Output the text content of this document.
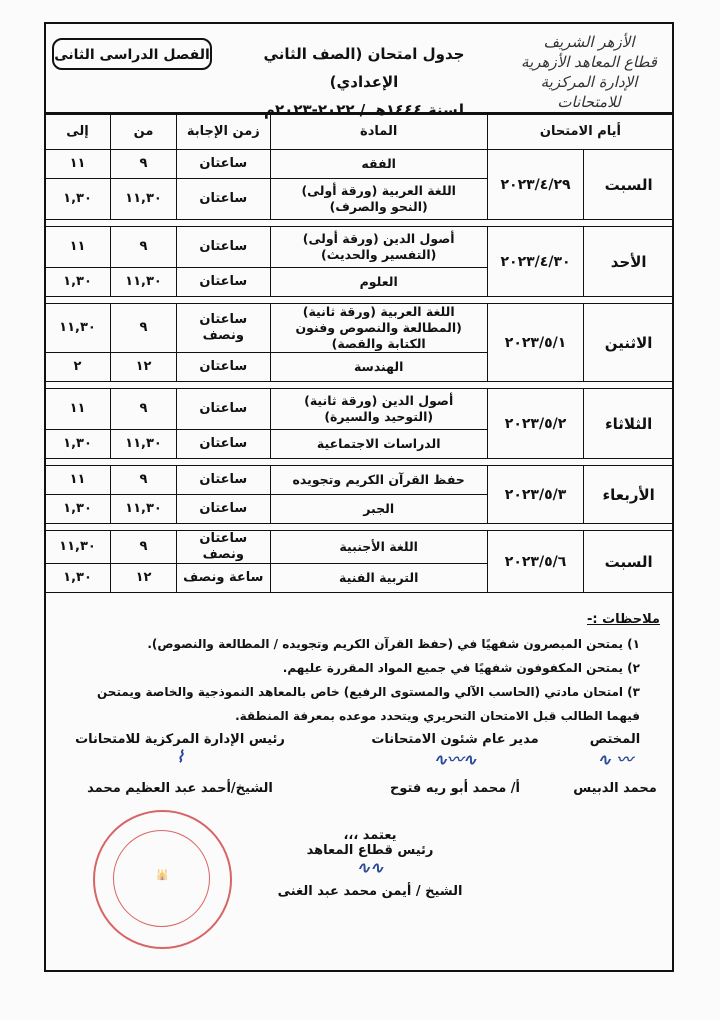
الأزهر الشريف
قطاع المعاهد الأزهرية
الإدارة المركزية للامتحانات
جدول امتحان (الصف الثاني الإعدادي)
لسنة ١٤٤٤هـ / ٢٠٢٢-٢٠٢٣م
الفصل الدراسى الثانى
أيام الامتحان		المادة	زمن الإجابة	من	إلى
السبت	٢٠٢٣/٤/٢٩	الفقه	ساعتان	٩	١١
		اللغة العربية (ورقة أولى)
(النحو والصرف)	ساعتان	١١,٣٠	١,٣٠

الأحد	٢٠٢٣/٤/٣٠	أصول الدين (ورقة أولى)
(التفسير والحديث)	ساعتان	٩	١١
		العلوم	ساعتان	١١,٣٠	١,٣٠

الاثنين	٢٠٢٣/٥/١	اللغة العربية (ورقة ثانية)
(المطالعة والنصوص وفنون الكتابة والقصة)	ساعتان ونصف	٩	١١,٣٠
		الهندسة	ساعتان	١٢	٢

الثلاثاء	٢٠٢٣/٥/٢	أصول الدين (ورقة ثانية)
(التوحيد والسيرة)	ساعتان	٩	١١
		الدراسات الاجتماعية	ساعتان	١١,٣٠	١,٣٠

الأربعاء	٢٠٢٣/٥/٣	حفظ القرآن الكريم وتجويده	ساعتان	٩	١١
		الجبر	ساعتان	١١,٣٠	١,٣٠

السبت	٢٠٢٣/٥/٦	اللغة الأجنبية	ساعتان ونصف	٩	١١,٣٠
		التربية الفنية	ساعة ونصف	١٢	١,٣٠
ملاحظات :-
١) يمتحن المبصرون شفهيًا في (حفظ القرآن الكريم وتجويده / المطالعة والنصوص).
٢) يمتحن المكفوفون شفهيًا في جميع المواد المقررة عليهم.
٣) امتحان مادتي (الحاسب الآلي والمستوى الرفيع) خاص بالمعاهد النموذجية والخاصة ويمتحن فيهما الطالب قبل الامتحان التحريري ويتحدد موعده بمعرفة المنطقة.
المختص
〰 ∿
محمد الدبيس
مدير عام شئون الامتحانات
∿〰∿
أ/ محمد أبو ريه فتوح
رئيس الإدارة المركزية للامتحانات
⌇
الشيخ/أحمد عبد العظيم محمد
يعتمد ،،،
رئيس قطاع المعاهد
∿∿
الشيخ / أيمن محمد عبد الغنى
🕌
